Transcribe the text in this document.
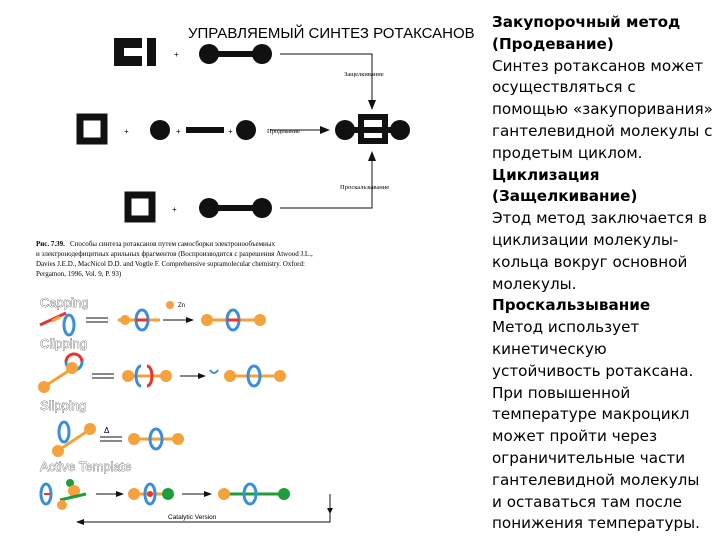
УПРАВЛЯЕМЫЙ СИНТЕЗ РОТАКСАНОВ

Закупорочный метод (Продевание)

Синтез ротаксанов может осуществляться с помощью «закупоривания» гантелевидной молекулы с продетым циклом.

Циклизация (Защелкивание)

Этод метод заключается в циклизации молекулы-кольца вокруг основной молекулы.

Проскальзывание

Метод использует кинетическую устойчивость ротаксана. При повышенной температуре макроцикл может пройти через ограничительные части гантелевидной молекулы и оставаться там после понижения температуры.

+
+	+	+
+
Защелкивание
Продевание
Проскальзывание
Рис. 7.39. Способы синтеза ротаксанов путем самосборки электронообъемных
и электронодефицитных арильных фрагментов (Воспроизводится с разрешения Atwood J.L.,
Davies J.E.D., MacNicol D.D. and Vogtle F. Comprehensive supramolecular chemistry. Oxford:
Pergamon, 1996, Vol. 9, P. 93)
Capping	Zn
Clipping
Slipping
Δ
Active Template
Catalytic Version
